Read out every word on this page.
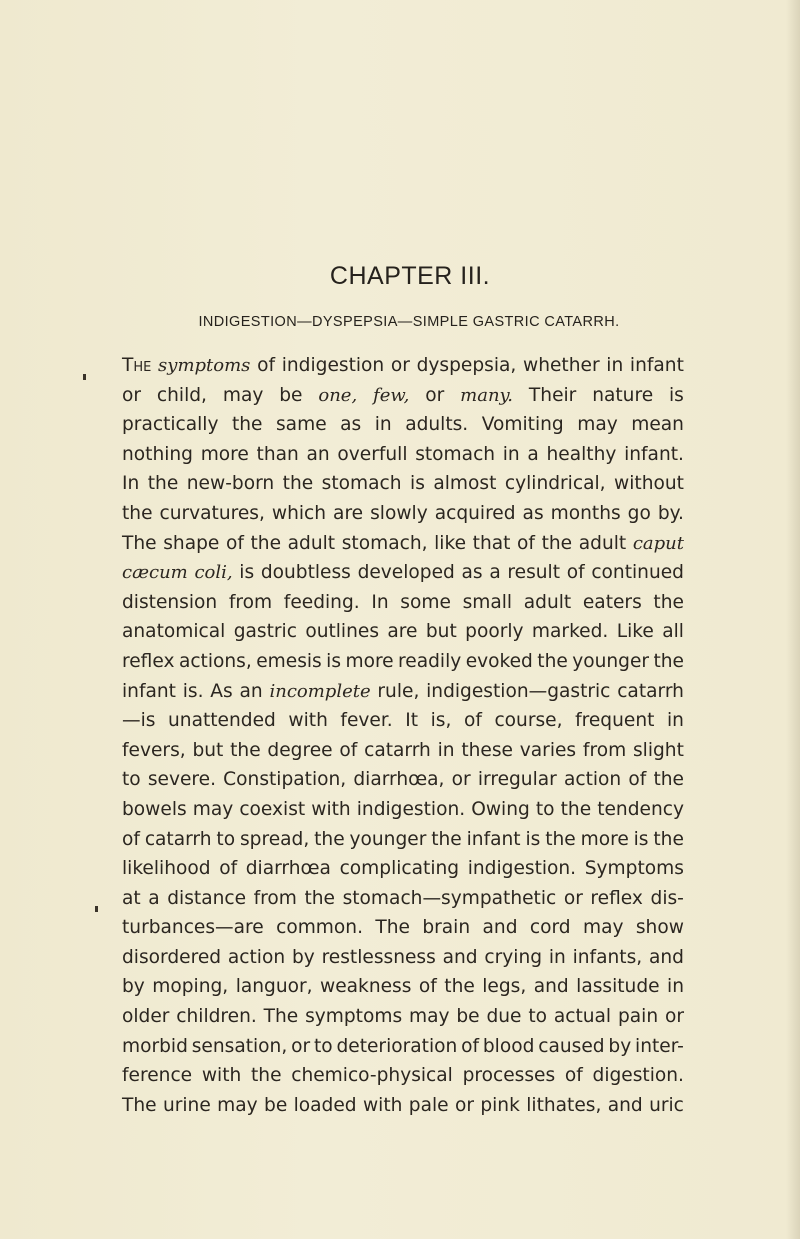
CHAPTER III.
INDIGESTION—DYSPEPSIA—SIMPLE GASTRIC CATARRH.
The symptoms of indigestion or dyspepsia, whether in infant
or child, may be one, few, or many. Their nature is
practically the same as in adults. Vomiting may mean
nothing more than an overfull stomach in a healthy infant.
In the new-born the stomach is almost cylindrical, without
the curvatures, which are slowly acquired as months go by.
The shape of the adult stomach, like that of the adult caput
cæcum coli, is doubtless developed as a result of continued
distension from feeding. In some small adult eaters the
anatomical gastric outlines are but poorly marked. Like all
reflex actions, emesis is more readily evoked the younger the
infant is. As an incomplete rule, indigestion—gastric catarrh
—is unattended with fever. It is, of course, frequent in
fevers, but the degree of catarrh in these varies from slight
to severe. Constipation, diarrhœa, or irregular action of the
bowels may coexist with indigestion. Owing to the tendency
of catarrh to spread, the younger the infant is the more is the
likelihood of diarrhœa complicating indigestion. Symptoms
at a distance from the stomach—sympathetic or reflex dis-
turbances—are common. The brain and cord may show
disordered action by restlessness and crying in infants, and
by moping, languor, weakness of the legs, and lassitude in
older children. The symptoms may be due to actual pain or
morbid sensation, or to deterioration of blood caused by inter-
ference with the chemico-physical processes of digestion.
The urine may be loaded with pale or pink lithates, and uric
